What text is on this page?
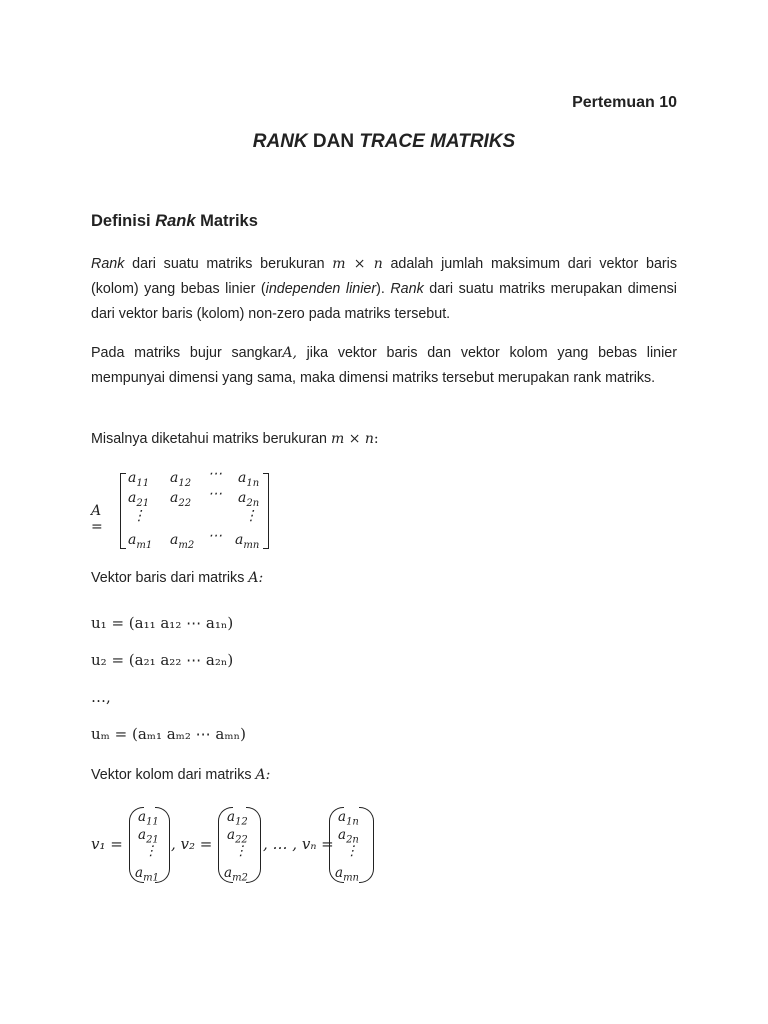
Pertemuan 10
RANK DAN TRACE MATRIKS
Definisi Rank Matriks
Rank dari suatu matriks berukuran m × n adalah jumlah maksimum dari vektor baris (kolom) yang bebas linier (independen linier). Rank dari suatu matriks merupakan dimensi dari vektor baris (kolom) non-zero pada matriks tersebut.
Pada matriks bujur sangkarA, jika vektor baris dan vektor kolom yang bebas linier mempunyai dimensi yang sama, maka dimensi matriks tersebut merupakan rank matriks.
Misalnya diketahui matriks berukuran m × n:
A =
$a_{11}$ $a_{12}$
⋯ $a_{1n}$
$a_{21}$ $a_{22}$
⋯ $a_{2n}$
⋮	⋮
$a_{m1}$ $a_{m2}$
⋯ $a_{mn}$
Vektor baris dari matriks A:
u₁ = (a₁₁ a₁₂ ⋯ a₁ₙ)
u₂ = (a₂₁ a₂₂ ⋯ a₂ₙ)
…,
uₘ = (aₘ₁ aₘ₂ ⋯ aₘₙ)
Vektor kolom dari matriks A:
v₁ =
$a_{11}$
$a_{21}$
⋮
$a_{m1}$
, v₂ =
$a_{12}$
$a_{22}$
⋮
$a_{m2}$
, … , vₙ =
$a_{1n}$
$a_{2n}$
⋮
$a_{mn}$
